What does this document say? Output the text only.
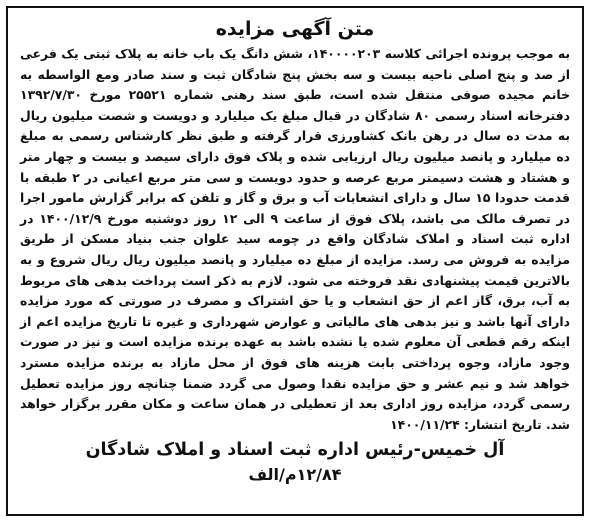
متن آگهی مزایده

به موجب پرونده اجرائی کلاسه ۱۴۰۰۰۰۲۰۳، شش دانگ یک باب خانه به پلاک ثبتی یک فرعی از صد و پنج اصلی ناحیه بیست و سه بخش پنج شادگان ثبت و سند صادر ومع الواسطه به خانم مجیده صوفی منتقل شده است، طبق سند رهنی شماره ۲۵۵۲۱ مورخ ۱۳۹۲/۷/۳۰ دفترخانه اسناد رسمی ۸۰ شادگان در قبال مبلغ یک میلیارد و دویست و شصت میلیون ریال به مدت ده سال در رهن بانک کشاورزی قرار گرفته و طبق نظر کارشناس رسمی به مبلغ ده میلیارد و پانصد میلیون ریال ارزیابی شده و پلاک فوق دارای سیصد و بیست و چهار متر و هشتاد و هشت دسیمتر مربع عرصه و حدود دویست و سی متر مربع اعیانی در ۲ طبقه با قدمت حدودا ۱۵ سال و دارای انشعابات آب و برق و گاز و تلفن که برابر گزارش مامور اجرا در تصرف مالک می باشد، پلاک فوق از ساعت ۹ الی ۱۲ روز دوشنبه مورخ ۱۴۰۰/۱۲/۹ در اداره ثبت اسناد و املاک شادگان واقع در چومه سید علوان جنب بنیاد مسکن از طریق مزایده به فروش می رسد. مزایده از مبلغ ده میلیارد و پانصد میلیون ریال ریال شروع و به بالاترین قیمت پیشنهادی نقد فروخته می شود. لازم به ذکر است پرداخت بدهی های مربوط به آب، برق، گاز اعم از حق انشعاب و یا حق اشتراک و مصرف در صورتی که مورد مزایده دارای آنها باشد و نیز بدهی های مالیاتی و عوارض شهرداری و غیره تا تاریخ مزایده اعم از اینکه رقم قطعی آن معلوم شده یا نشده باشد به عهده برنده مزایده است و نیز در صورت وجود مازاد، وجوه پرداختی بابت هزینه های فوق از محل مازاد به برنده مزایده مسترد خواهد شد و نیم عشر و حق مزایده نقدا وصول می گردد ضمنا چنانچه روز مزایده تعطیل رسمی گردد، مزایده روز اداری بعد از تعطیلی در همان ساعت و مکان مقرر برگزار خواهد شد. تاریخ انتشار: ۱۴۰۰/۱۱/۲۴

آل خمیس-رئیس اداره ثبت اسناد و املاک شادگان
۱۲/۸۴م/الف
